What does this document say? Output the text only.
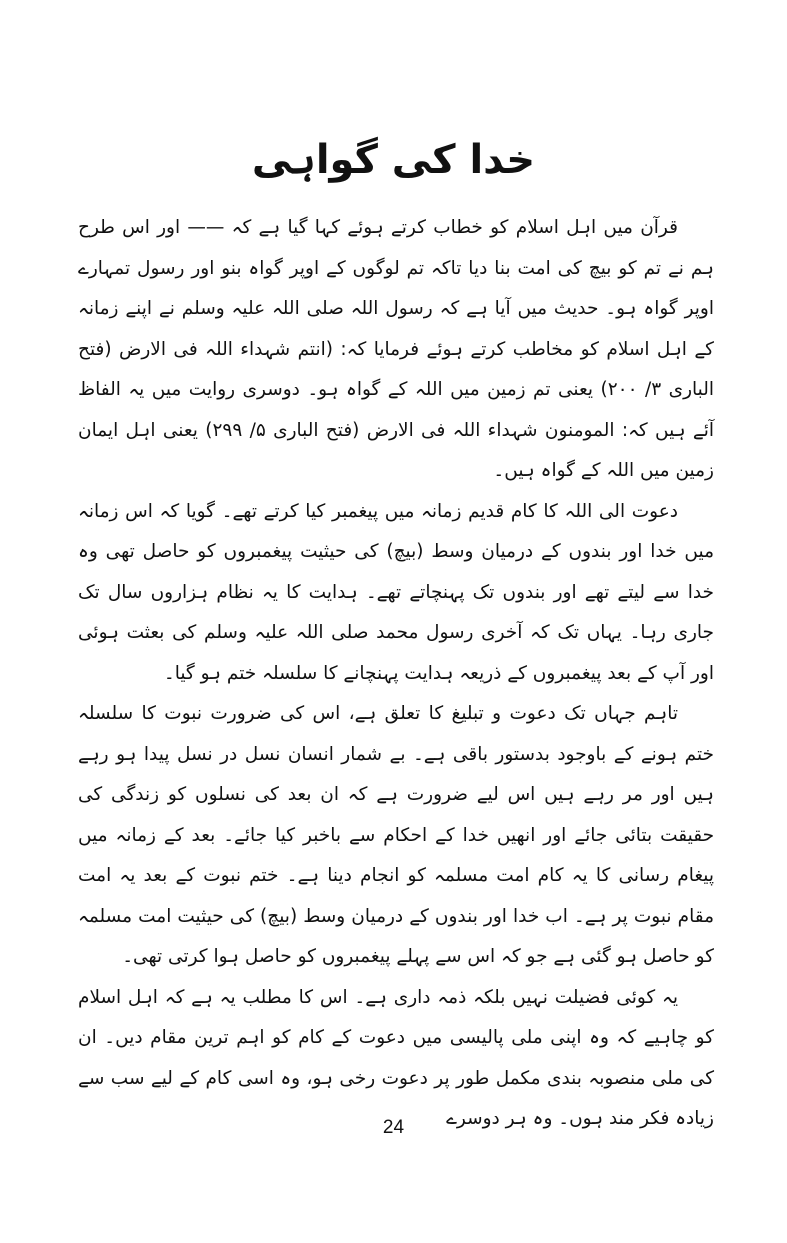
خدا کی گواہی

قرآن میں اہل اسلام کو خطاب کرتے ہوئے کہا گیا ہے کہ —— اور اس طرح ہم نے تم کو بیچ کی امت بنا دیا تاکہ تم لوگوں کے اوپر گواہ بنو اور رسول تمہارے اوپر گواہ ہو۔ حدیث میں آیا ہے کہ رسول اللہ صلی اللہ علیہ وسلم نے اپنے زمانہ کے اہل اسلام کو مخاطب کرتے ہوئے فرمایا کہ: (انتم شہداء اللہ فی الارض (فتح الباری ۳/ ۲۰۰) یعنی تم زمین میں اللہ کے گواہ ہو۔ دوسری روایت میں یہ الفاظ آئے ہیں کہ: المومنون شہداء اللہ فی الارض (فتح الباری ۵/ ۲۹۹) یعنی اہل ایمان زمین میں اللہ کے گواہ ہیں۔

دعوت الی اللہ کا کام قدیم زمانہ میں پیغمبر کیا کرتے تھے۔ گویا کہ اس زمانہ میں خدا اور بندوں کے درمیان وسط (بیچ) کی حیثیت پیغمبروں کو حاصل تھی وہ خدا سے لیتے تھے اور بندوں تک پہنچاتے تھے۔ ہدایت کا یہ نظام ہزاروں سال تک جاری رہا۔ یہاں تک کہ آخری رسول محمد صلی اللہ علیہ وسلم کی بعثت ہوئی اور آپ کے بعد پیغمبروں کے ذریعہ ہدایت پہنچانے کا سلسلہ ختم ہو گیا۔

تاہم جہاں تک دعوت و تبلیغ کا تعلق ہے، اس کی ضرورت نبوت کا سلسلہ ختم ہونے کے باوجود بدستور باقی ہے۔ بے شمار انسان نسل در نسل پیدا ہو رہے ہیں اور مر رہے ہیں اس لیے ضرورت ہے کہ ان بعد کی نسلوں کو زندگی کی حقیقت بتائی جائے اور انھیں خدا کے احکام سے باخبر کیا جائے۔ بعد کے زمانہ میں پیغام رسانی کا یہ کام امت مسلمہ کو انجام دینا ہے۔ ختم نبوت کے بعد یہ امت مقام نبوت پر ہے۔ اب خدا اور بندوں کے درمیان وسط (بیچ) کی حیثیت امت مسلمہ کو حاصل ہو گئی ہے جو کہ اس سے پہلے پیغمبروں کو حاصل ہوا کرتی تھی۔

یہ کوئی فضیلت نہیں بلکہ ذمہ داری ہے۔ اس کا مطلب یہ ہے کہ اہل اسلام کو چاہیے کہ وہ اپنی ملی پالیسی میں دعوت کے کام کو اہم ترین مقام دیں۔ ان کی ملی منصوبہ بندی مکمل طور پر دعوت رخی ہو، وہ اسی کام کے لیے سب سے زیادہ فکر مند ہوں۔ وہ ہر دوسرے

24
